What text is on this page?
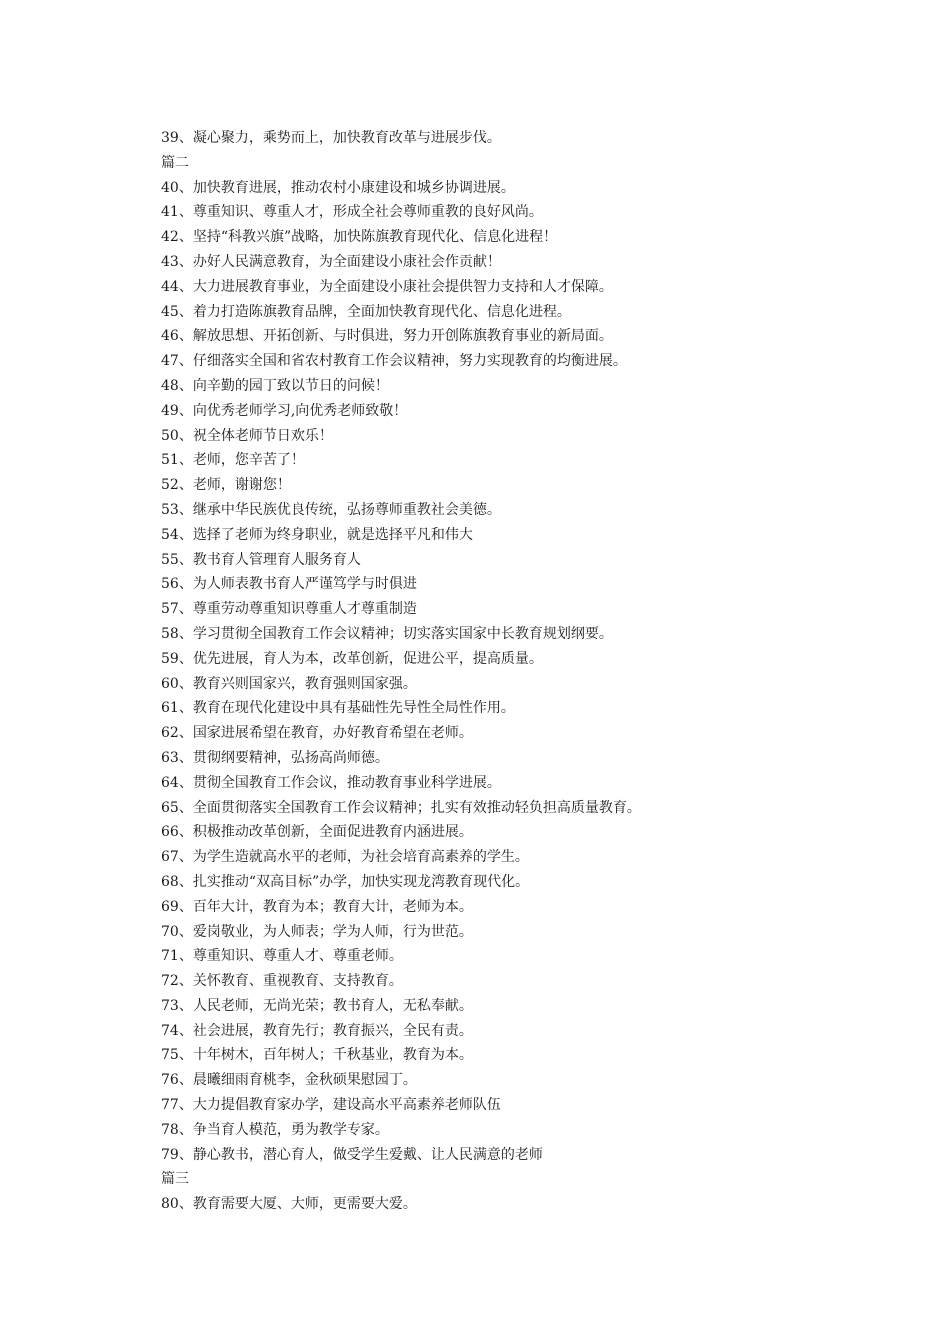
39、凝心聚力，乘势而上，加快教育改革与进展步伐。
篇二
40、加快教育进展，推动农村小康建设和城乡协调进展。
41、尊重知识、尊重人才，形成全社会尊师重教的良好风尚。
42、坚持“科教兴旗”战略，加快陈旗教育现代化、信息化进程！
43、办好人民满意教育，为全面建设小康社会作贡献！
44、大力进展教育事业，为全面建设小康社会提供智力支持和人才保障。
45、着力打造陈旗教育品牌，全面加快教育现代化、信息化进程。
46、解放思想、开拓创新、与时俱进，努力开创陈旗教育事业的新局面。
47、仔细落实全国和省农村教育工作会议精神，努力实现教育的均衡进展。
48、向辛勤的园丁致以节日的问候！
49、向优秀老师学习,向优秀老师致敬！
50、祝全体老师节日欢乐！
51、老师，您辛苦了！
52、老师，谢谢您！
53、继承中华民族优良传统，弘扬尊师重教社会美德。
54、选择了老师为终身职业，就是选择平凡和伟大
55、教书育人管理育人服务育人
56、为人师表教书育人严谨笃学与时俱进
57、尊重劳动尊重知识尊重人才尊重制造
58、学习贯彻全国教育工作会议精神；切实落实国家中长教育规划纲要。
59、优先进展，育人为本，改革创新，促进公平，提高质量。
60、教育兴则国家兴，教育强则国家强。
61、教育在现代化建设中具有基础性先导性全局性作用。
62、国家进展希望在教育，办好教育希望在老师。
63、贯彻纲要精神，弘扬高尚师德。
64、贯彻全国教育工作会议，推动教育事业科学进展。
65、全面贯彻落实全国教育工作会议精神；扎实有效推动轻负担高质量教育。
66、积极推动改革创新，全面促进教育内涵进展。
67、为学生造就高水平的老师，为社会培育高素养的学生。
68、扎实推动“双高目标”办学，加快实现龙湾教育现代化。
69、百年大计，教育为本；教育大计，老师为本。
70、爱岗敬业，为人师表；学为人师，行为世范。
71、尊重知识、尊重人才、尊重老师。
72、关怀教育、重视教育、支持教育。
73、人民老师，无尚光荣；教书育人，无私奉献。
74、社会进展，教育先行；教育振兴，全民有责。
75、十年树木，百年树人；千秋基业，教育为本。
76、晨曦细雨育桃李，金秋硕果慰园丁。
77、大力提倡教育家办学，建设高水平高素养老师队伍
78、争当育人模范，勇为教学专家。
79、静心教书，潜心育人，做受学生爱戴、让人民满意的老师
篇三
80、教育需要大厦、大师，更需要大爱。
